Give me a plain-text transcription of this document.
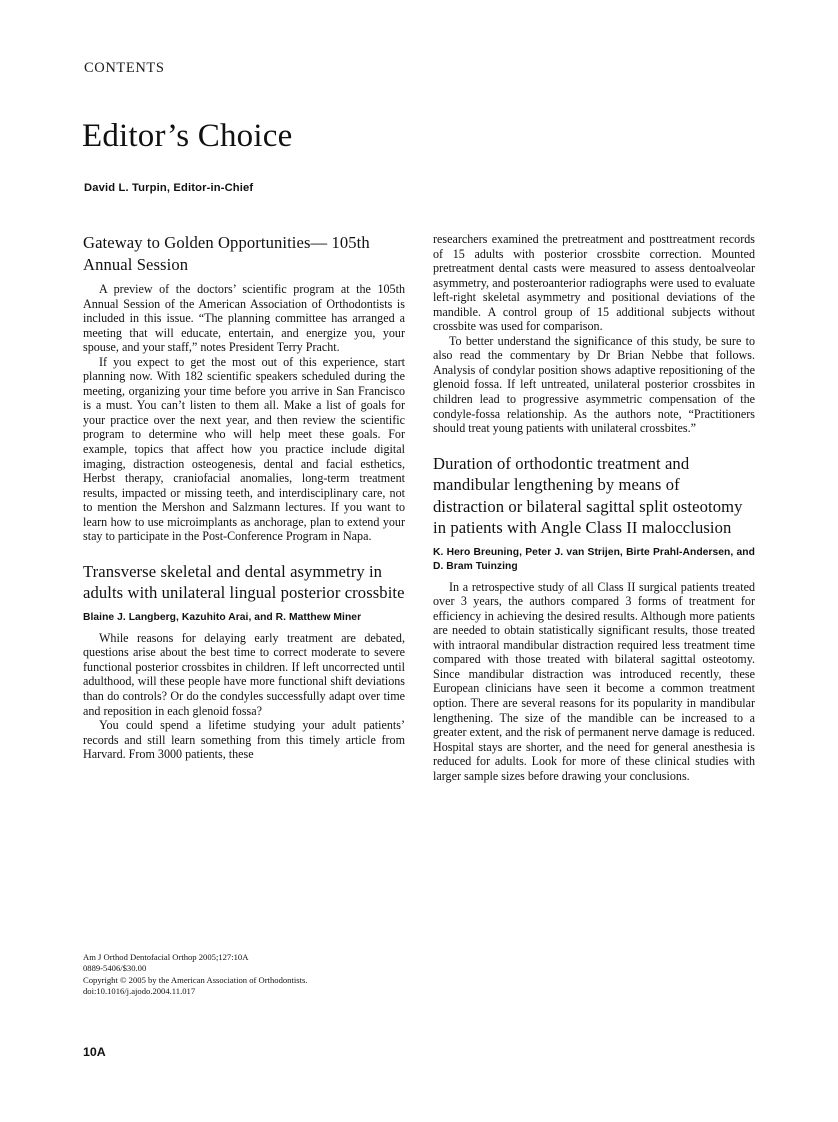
CONTENTS
Editor’s Choice
David L. Turpin, Editor-in-Chief
Gateway to Golden Opportunities— 105th Annual Session

A preview of the doctors’ scientific program at the 105th Annual Session of the American Association of Orthodontists is included in this issue. “The planning committee has arranged a meeting that will educate, entertain, and energize you, your spouse, and your staff,” notes President Terry Pracht.

If you expect to get the most out of this experience, start planning now. With 182 scientific speakers scheduled during the meeting, organizing your time before you arrive in San Francisco is a must. You can’t listen to them all. Make a list of goals for your practice over the next year, and then review the scientific program to determine who will help meet these goals. For example, topics that affect how you practice include digital imaging, distraction osteogenesis, dental and facial esthetics, Herbst therapy, craniofacial anomalies, long-term treatment results, impacted or missing teeth, and interdisciplinary care, not to mention the Mershon and Salzmann lectures. If you want to learn how to use microimplants as anchorage, plan to extend your stay to participate in the Post-Conference Program in Napa.

Transverse skeletal and dental asymmetry in adults with unilateral lingual posterior crossbite
Blaine J. Langberg, Kazuhito Arai, and R. Matthew Miner

While reasons for delaying early treatment are debated, questions arise about the best time to correct moderate to severe functional posterior crossbites in children. If left uncorrected until adulthood, will these people have more functional shift deviations than do controls? Or do the condyles successfully adapt over time and reposition in each glenoid fossa?

You could spend a lifetime studying your adult patients’ records and still learn something from this timely article from Harvard. From 3000 patients, these

researchers examined the pretreatment and posttreatment records of 15 adults with posterior crossbite correction. Mounted pretreatment dental casts were measured to assess dentoalveolar asymmetry, and posteroanterior radiographs were used to evaluate left-right skeletal asymmetry and positional deviations of the mandible. A control group of 15 additional subjects without crossbite was used for comparison.

To better understand the significance of this study, be sure to also read the commentary by Dr Brian Nebbe that follows. Analysis of condylar position shows adaptive repositioning of the glenoid fossa. If left untreated, unilateral posterior crossbites in children lead to progressive asymmetric compensation of the condyle-fossa relationship. As the authors note, “Practitioners should treat young patients with unilateral crossbites.”

Duration of orthodontic treatment and mandibular lengthening by means of distraction or bilateral sagittal split osteotomy in patients with Angle Class II malocclusion
K. Hero Breuning, Peter J. van Strijen, Birte Prahl-Andersen, and D. Bram Tuinzing

In a retrospective study of all Class II surgical patients treated over 3 years, the authors compared 3 forms of treatment for efficiency in achieving the desired results. Although more patients are needed to obtain statistically significant results, those treated with intraoral mandibular distraction required less treatment time compared with those treated with bilateral sagittal osteotomy. Since mandibular distraction was introduced recently, these European clinicians have seen it become a common treatment option. There are several reasons for its popularity in mandibular lengthening. The size of the mandible can be increased to a greater extent, and the risk of permanent nerve damage is reduced. Hospital stays are shorter, and the need for general anesthesia is reduced for adults. Look for more of these clinical studies with larger sample sizes before drawing your conclusions.

Am J Orthod Dentofacial Orthop 2005;127:10A
0889-5406/$30.00
Copyright © 2005 by the American Association of Orthodontists.
doi:10.1016/j.ajodo.2004.11.017
10A
